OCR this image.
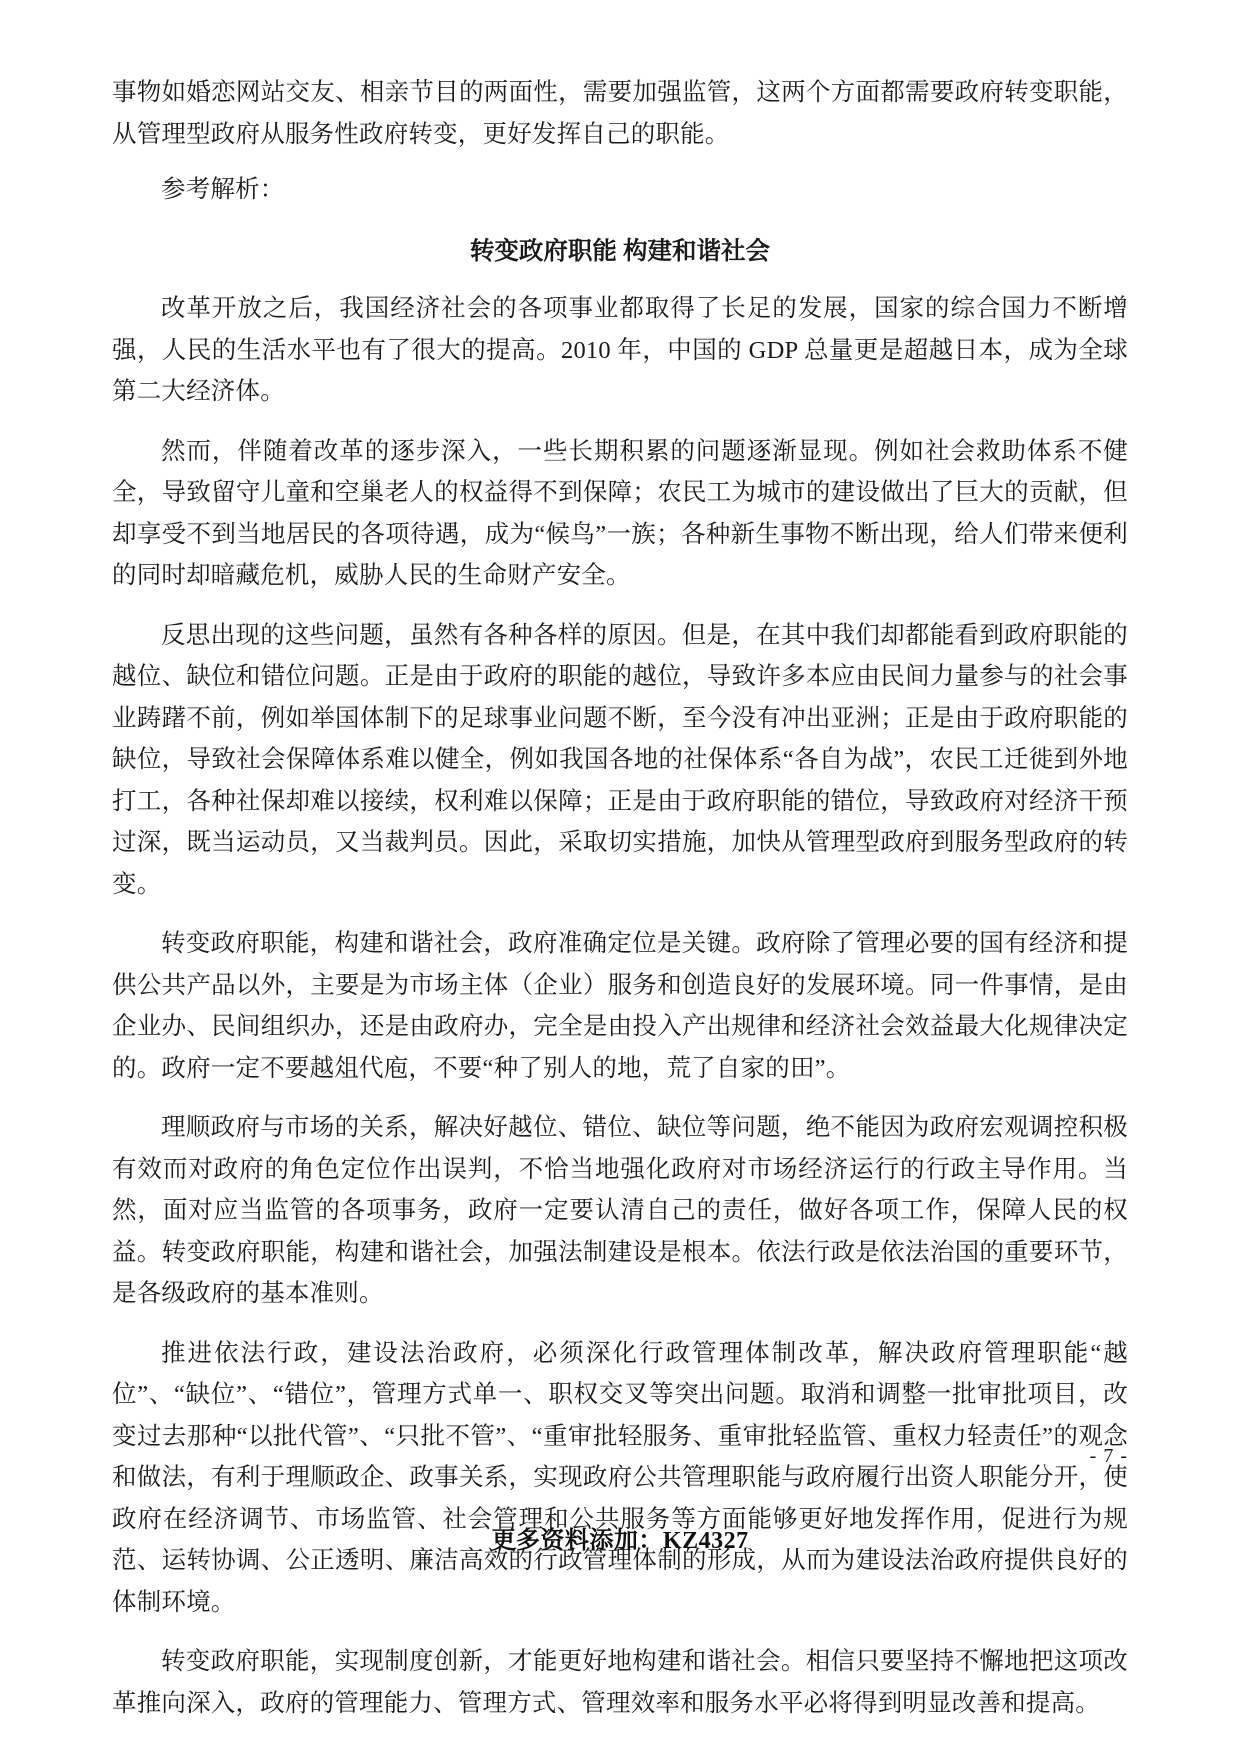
事物如婚恋网站交友、相亲节目的两面性，需要加强监管，这两个方面都需要政府转变职能，从管理型政府从服务性政府转变，更好发挥自己的职能。

参考解析：

转变政府职能 构建和谐社会

改革开放之后，我国经济社会的各项事业都取得了长足的发展，国家的综合国力不断增强，人民的生活水平也有了很大的提高。2010 年，中国的 GDP 总量更是超越日本，成为全球第二大经济体。

然而，伴随着改革的逐步深入，一些长期积累的问题逐渐显现。例如社会救助体系不健全，导致留守儿童和空巢老人的权益得不到保障；农民工为城市的建设做出了巨大的贡献，但却享受不到当地居民的各项待遇，成为“候鸟”一族；各种新生事物不断出现，给人们带来便利的同时却暗藏危机，威胁人民的生命财产安全。

反思出现的这些问题，虽然有各种各样的原因。但是，在其中我们却都能看到政府职能的越位、缺位和错位问题。正是由于政府的职能的越位，导致许多本应由民间力量参与的社会事业踌躇不前，例如举国体制下的足球事业问题不断，至今没有冲出亚洲；正是由于政府职能的缺位，导致社会保障体系难以健全，例如我国各地的社保体系“各自为战”，农民工迁徙到外地打工，各种社保却难以接续，权利难以保障；正是由于政府职能的错位，导致政府对经济干预过深，既当运动员，又当裁判员。因此，采取切实措施，加快从管理型政府到服务型政府的转变。

转变政府职能，构建和谐社会，政府准确定位是关键。政府除了管理必要的国有经济和提供公共产品以外，主要是为市场主体（企业）服务和创造良好的发展环境。同一件事情，是由企业办、民间组织办，还是由政府办，完全是由投入产出规律和经济社会效益最大化规律决定的。政府一定不要越俎代庖，不要“种了别人的地，荒了自家的田”。

理顺政府与市场的关系，解决好越位、错位、缺位等问题，绝不能因为政府宏观调控积极有效而对政府的角色定位作出误判，不恰当地强化政府对市场经济运行的行政主导作用。当然，面对应当监管的各项事务，政府一定要认清自己的责任，做好各项工作，保障人民的权益。转变政府职能，构建和谐社会，加强法制建设是根本。依法行政是依法治国的重要环节，是各级政府的基本准则。

推进依法行政，建设法治政府，必须深化行政管理体制改革，解决政府管理职能“越位”、“缺位”、“错位”，管理方式单一、职权交叉等突出问题。取消和调整一批审批项目，改变过去那种“以批代管”、“只批不管”、“重审批轻服务、重审批轻监管、重权力轻责任”的观念和做法，有利于理顺政企、政事关系，实现政府公共管理职能与政府履行出资人职能分开，使政府在经济调节、市场监管、社会管理和公共服务等方面能够更好地发挥作用，促进行为规范、运转协调、公正透明、廉洁高效的行政管理体制的形成，从而为建设法治政府提供良好的体制环境。

转变政府职能，实现制度创新，才能更好地构建和谐社会。相信只要坚持不懈地把这项改革推向深入，政府的管理能力、管理方式、管理效率和服务水平必将得到明显改善和提高。

- 7 -
更多资料添加：KZ4327
